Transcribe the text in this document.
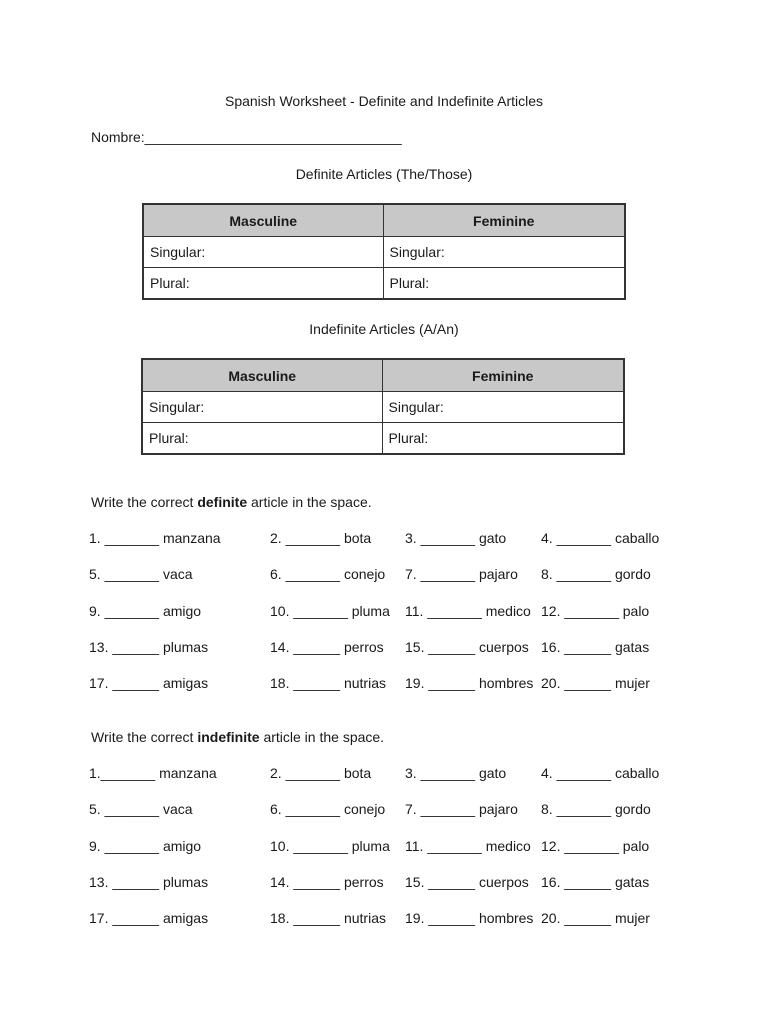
Spanish Worksheet - Definite and Indefinite Articles
Nombre:_________________________________
Definite Articles (The/Those)
Masculine	Feminine
Singular:	Singular:
Plural:	Plural:
Indefinite Articles (A/An)
Masculine	Feminine
Singular:	Singular:
Plural:	Plural:
Write the correct definite article in the space.
1. _______ manzana	2. _______ bota 3. _______ gato 4. _______ caballo
5. _______ vaca	6. _______ conejo 7. _______ pajaro 8. _______ gordo
9. _______ amigo	10. _______ pluma 11. _______ medico 12. _______ palo
13. ______ plumas	14. ______ perros 15. ______ cuerpos 16. ______ gatas
17. ______ amigas	18. ______ nutrias 19. ______ hombres 20. ______ mujer
Write the correct indefinite article in the space.
1._______ manzana	2. _______ bota 3. _______ gato 4. _______ caballo
5. _______ vaca	6. _______ conejo 7. _______ pajaro 8. _______ gordo
9. _______ amigo	10. _______ pluma 11. _______ medico 12. _______ palo
13. ______ plumas	14. ______ perros 15. ______ cuerpos 16. ______ gatas
17. ______ amigas	18. ______ nutrias 19. ______ hombres 20. ______ mujer
